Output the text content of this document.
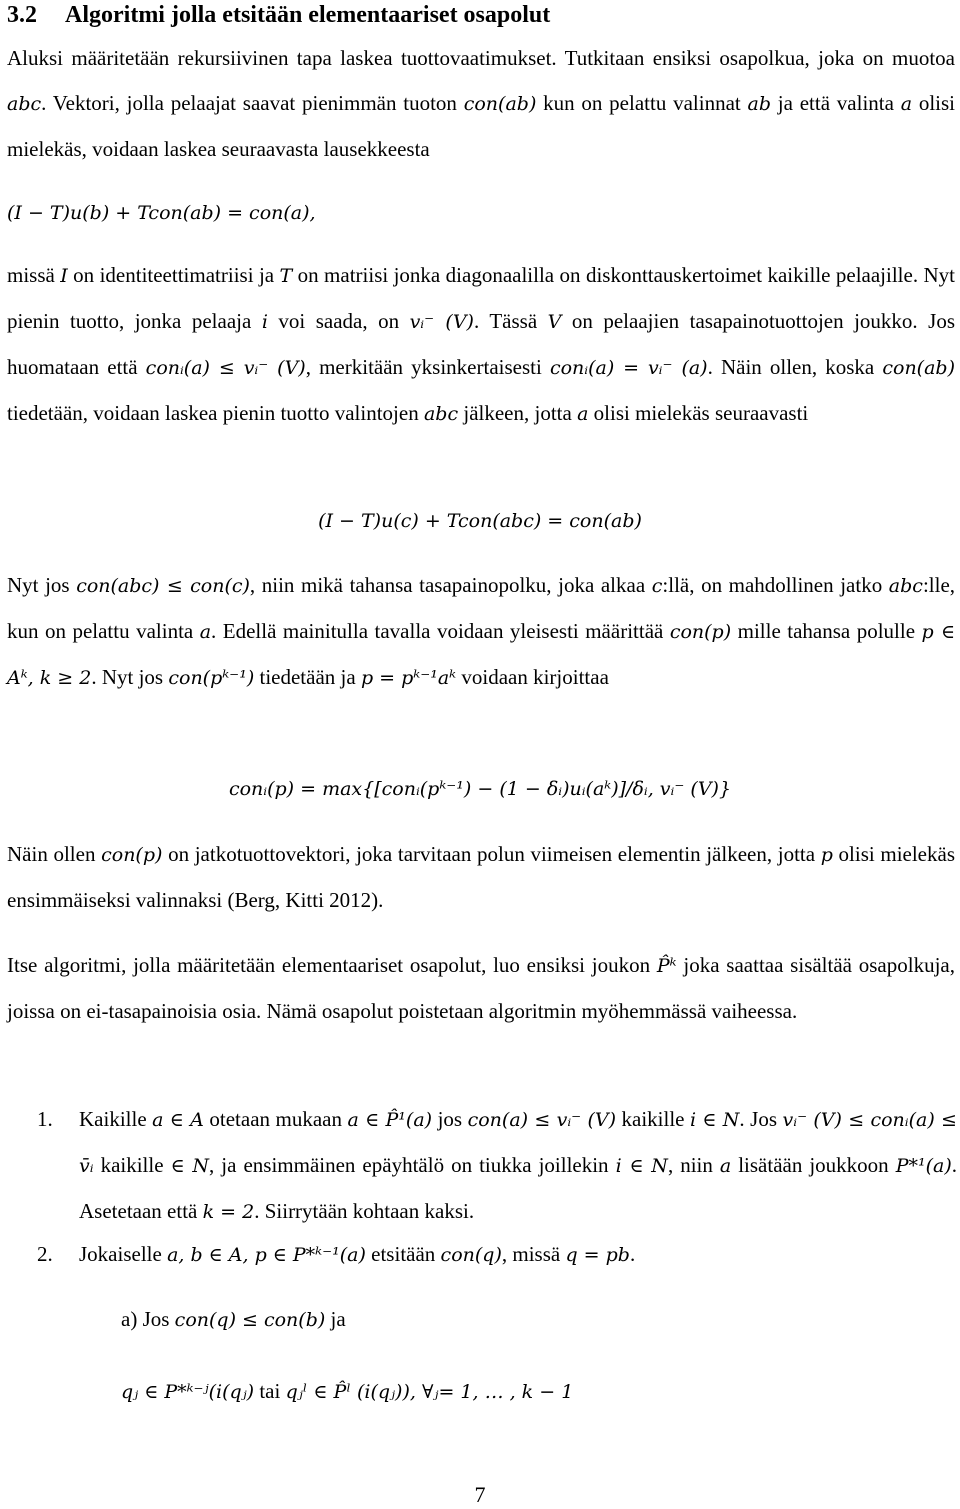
3.2 Algoritmi jolla etsitään elementaariset osapolut
Aluksi määritetään rekursiivinen tapa laskea tuottovaatimukset. Tutkitaan ensiksi osapolkua, joka on muotoa abc. Vektori, jolla pelaajat saavat pienimmän tuoton con(ab) kun on pelattu valinnat ab ja että valinta a olisi mielekäs, voidaan laskea seuraavasta lausekkeesta
(I − T)u(b) + Tcon(ab) = con(a),
missä I on identiteettimatriisi ja T on matriisi jonka diagonaalilla on diskonttauskertoimet kaikille pelaajille. Nyt pienin tuotto, jonka pelaaja i voi saada, on vᵢ⁻ (V). Tässä V on pelaajien tasapainotuottojen joukko. Jos huomataan että conᵢ(a) ≤ vᵢ⁻ (V), merkitään yksinkertaisesti conᵢ(a) = vᵢ⁻ (a). Näin ollen, koska con(ab) tiedetään, voidaan laskea pienin tuotto valintojen abc jälkeen, jotta a olisi mielekäs seuraavasti
(I − T)u(c) + Tcon(abc) = con(ab)
Nyt jos con(abc) ≤ con(c), niin mikä tahansa tasapainopolku, joka alkaa c:llä, on mahdollinen jatko abc:lle, kun on pelattu valinta a. Edellä mainitulla tavalla voidaan yleisesti määrittää con(p) mille tahansa polulle p ∈ Aᵏ, k ≥ 2. Nyt jos con(pᵏ⁻¹) tiedetään ja p = pᵏ⁻¹aᵏ voidaan kirjoittaa
conᵢ(p) = max{[conᵢ(pᵏ⁻¹) − (1 − δᵢ)uᵢ(aᵏ)]/δᵢ, vᵢ⁻ (V)}
Näin ollen con(p) on jatkotuottovektori, joka tarvitaan polun viimeisen elementin jälkeen, jotta p olisi mielekäs ensimmäiseksi valinnaksi (Berg, Kitti 2012).
Itse algoritmi, jolla määritetään elementaariset osapolut, luo ensiksi joukon P̂ᵏ joka saattaa sisältää osapolkuja, joissa on ei-tasapainoisia osia. Nämä osapolut poistetaan algoritmin myöhemmässä vaiheessa.
1. Kaikille a ∈ A otetaan mukaan a ∈ P̂¹(a) jos con(a) ≤ vᵢ⁻ (V) kaikille i ∈ N. Jos vᵢ⁻ (V) ≤ conᵢ(a) ≤ v̄ᵢ kaikille ∈ N, ja ensimmäinen epäyhtälö on tiukka joillekin i ∈ N, niin a lisätään joukkoon P*¹(a). Asetetaan että k = 2. Siirrytään kohtaan kaksi.
2. Jokaiselle a, b ∈ A, p ∈ P*ᵏ⁻¹(a) etsitään con(q), missä q = pb.
a) Jos con(q) ≤ con(b) ja
qⱼ ∈ P*ᵏ⁻ʲ(i(qⱼ) tai qⱼˡ ∈ P̂ˡ (i(qⱼ)), ∀ⱼ= 1, … , k − 1
7
